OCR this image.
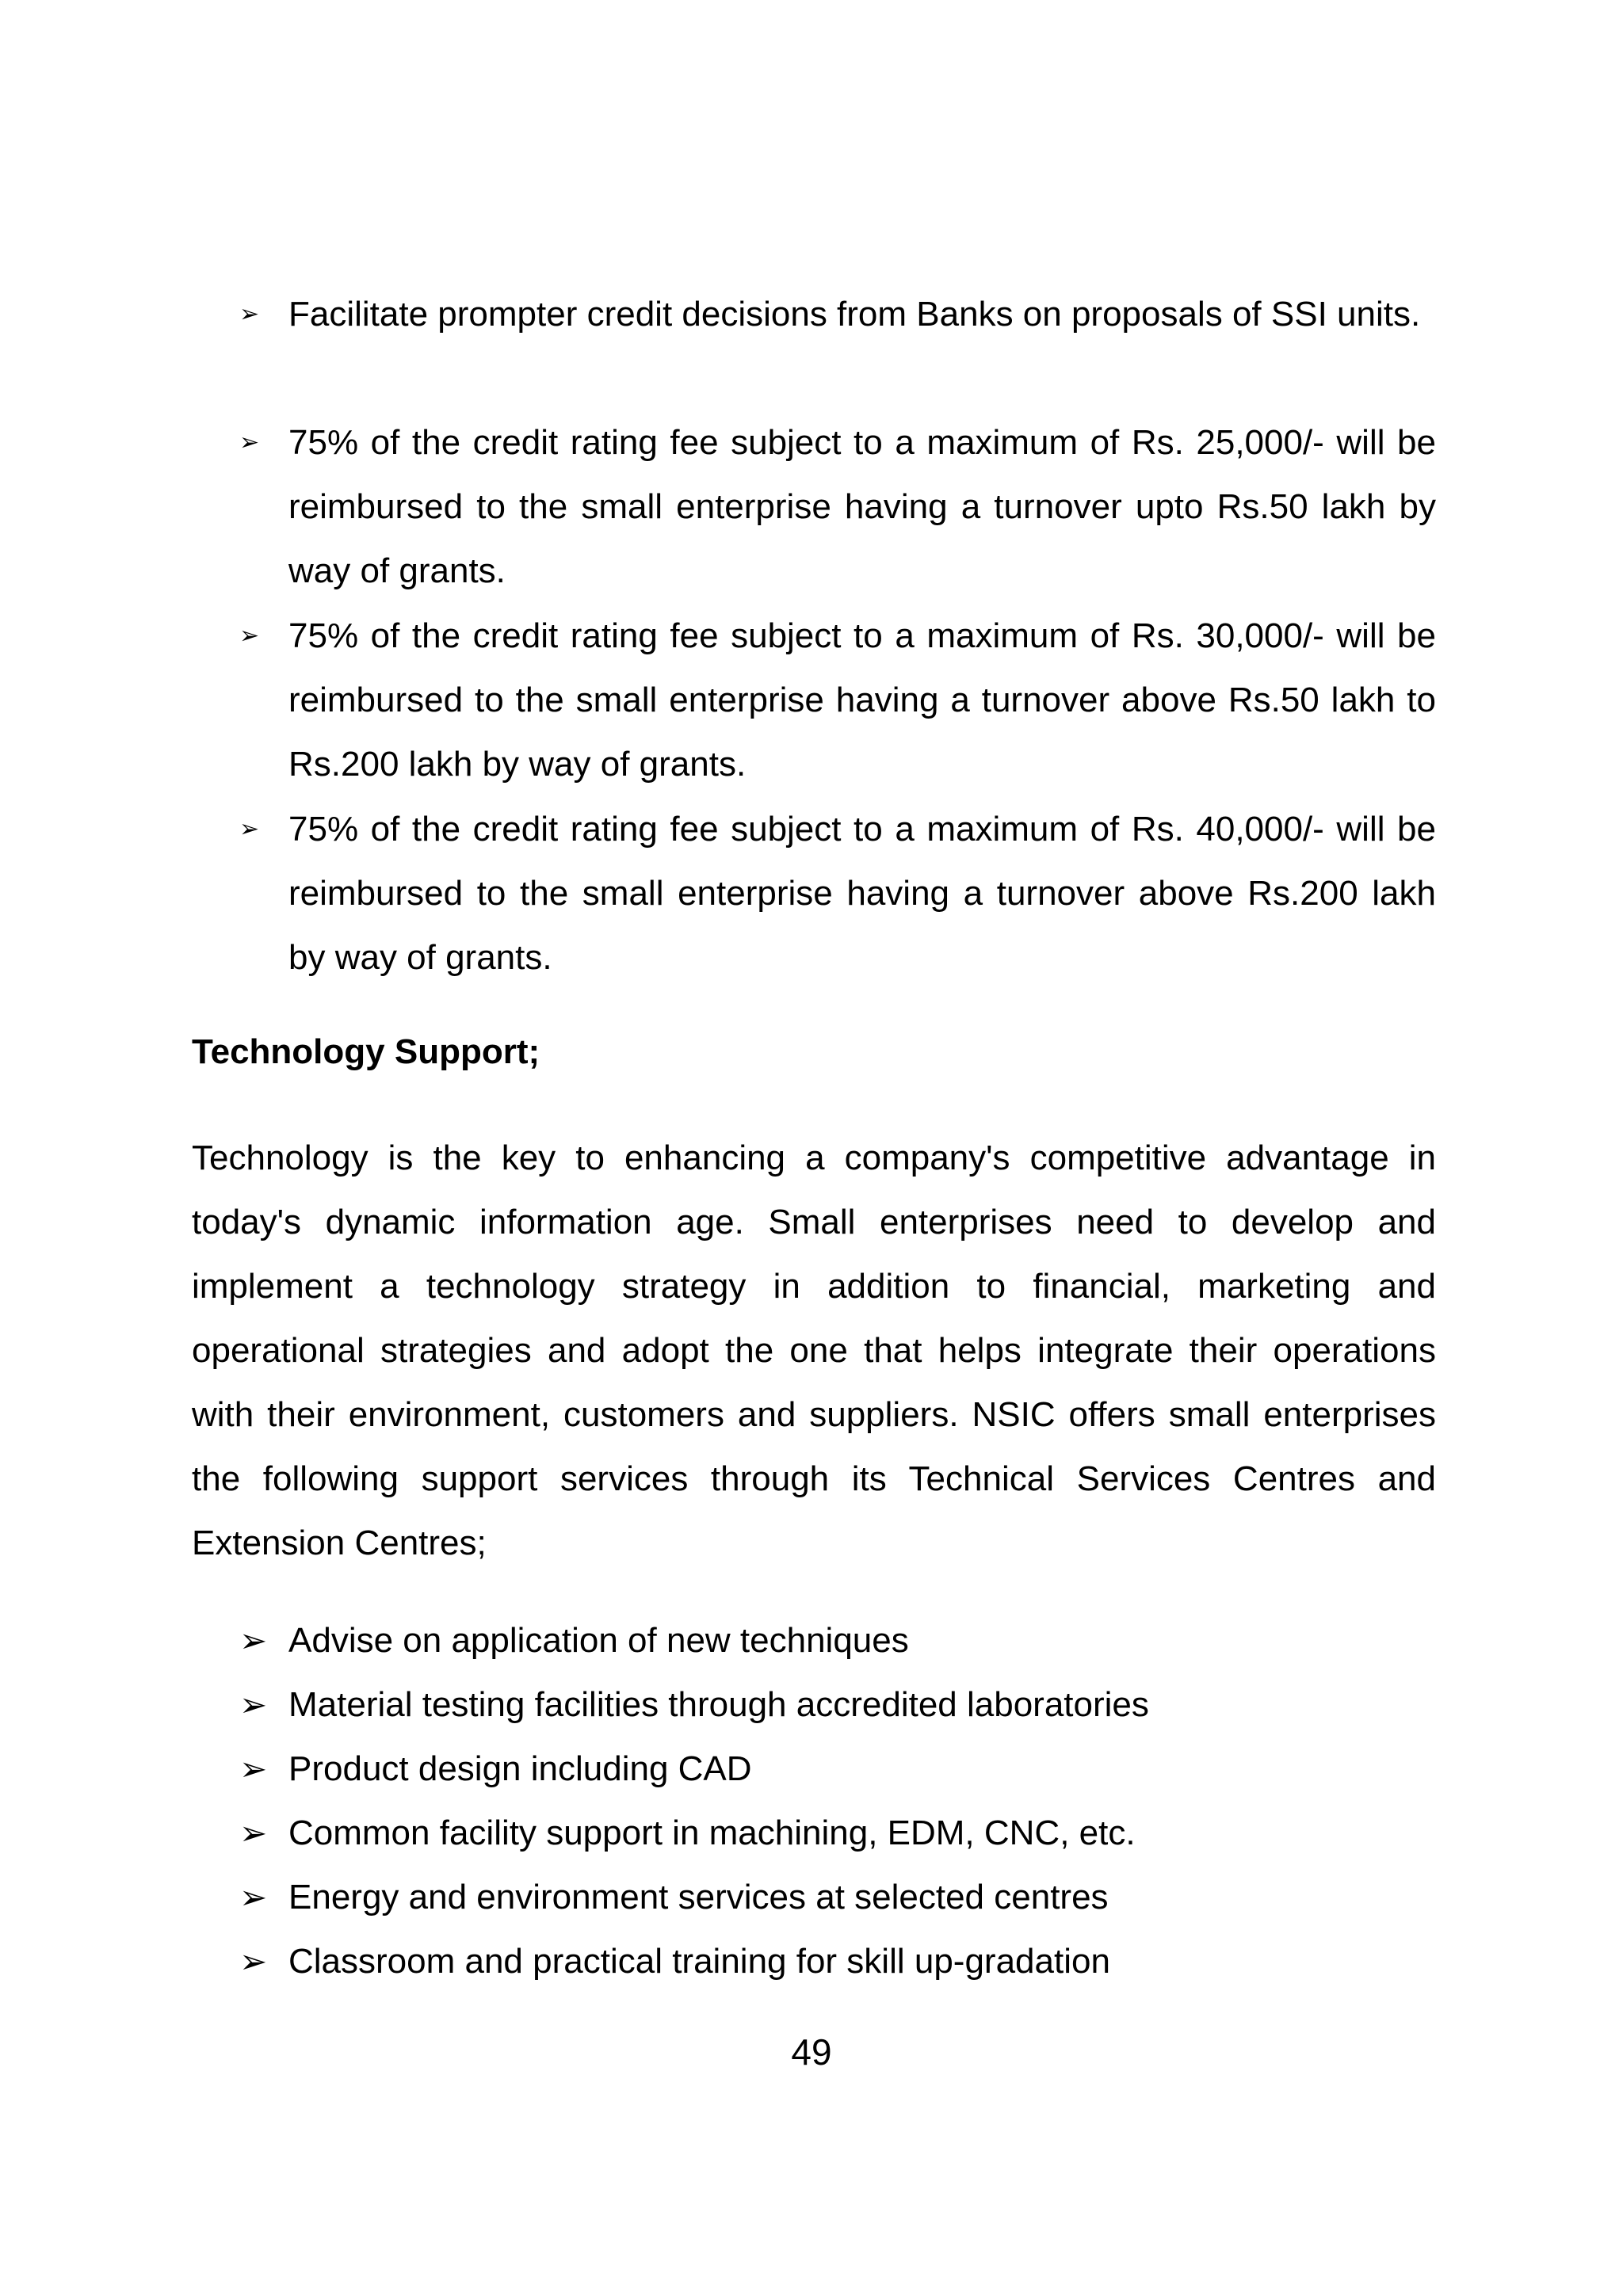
➢ Facilitate prompter credit decisions from Banks on proposals of SSI units.
➢ 75% of the credit rating fee subject to a maximum of Rs. 25,000/- will be reimbursed to the small enterprise having a turnover upto Rs.50 lakh by way of grants.
➢ 75% of the credit rating fee subject to a maximum of Rs. 30,000/- will be reimbursed to the small enterprise having a turnover above Rs.50 lakh to Rs.200 lakh by way of grants.
➢ 75% of the credit rating fee subject to a maximum of Rs. 40,000/- will be reimbursed to the small enterprise having a turnover above Rs.200 lakh by way of grants.
Technology Support;
Technology is the key to enhancing a company's competitive advantage in today's dynamic information age. Small enterprises need to develop and implement a technology strategy in addition to financial, marketing and operational strategies and adopt the one that helps integrate their operations with their environment, customers and suppliers. NSIC offers small enterprises the following support services through its Technical Services Centres and Extension Centres;
➢ Advise on application of new techniques
➢ Material testing facilities through accredited laboratories
➢ Product design including CAD
➢ Common facility support in machining, EDM, CNC, etc.
➢ Energy and environment services at selected centres
➢ Classroom and practical training for skill up-gradation
49
